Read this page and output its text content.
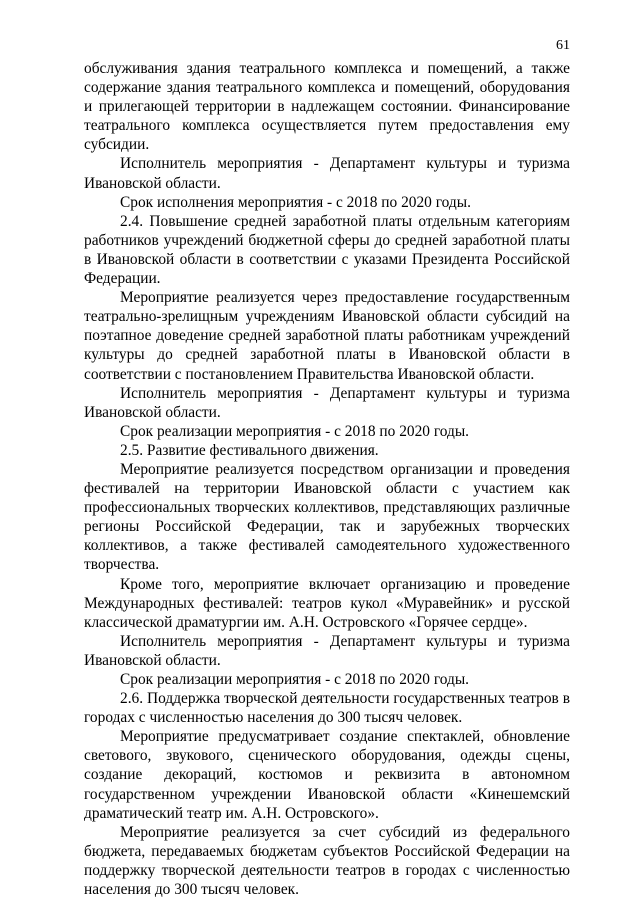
61

обслуживания здания театрального комплекса и помещений, а также содержание здания театрального комплекса и помещений, оборудования и прилегающей территории в надлежащем состоянии. Финансирование театрального комплекса осуществляется путем предоставления ему субсидии.

Исполнитель мероприятия - Департамент культуры и туризма Ивановской области.

Срок исполнения мероприятия - с 2018 по 2020 годы.

2.4. Повышение средней заработной платы отдельным категориям работников учреждений бюджетной сферы до средней заработной платы в Ивановской области в соответствии с указами Президента Российской Федерации.

Мероприятие реализуется через предоставление государственным театрально-зрелищным учреждениям Ивановской области субсидий на поэтапное доведение средней заработной платы работникам учреждений культуры до средней заработной платы в Ивановской области в соответствии с постановлением Правительства Ивановской области.

Исполнитель мероприятия - Департамент культуры и туризма Ивановской области.

Срок реализации мероприятия - с 2018 по 2020 годы.

2.5. Развитие фестивального движения.

Мероприятие реализуется посредством организации и проведения фестивалей на территории Ивановской области с участием как профессиональных творческих коллективов, представляющих различные регионы Российской Федерации, так и зарубежных творческих коллективов, а также фестивалей самодеятельного художественного творчества.

Кроме того, мероприятие включает организацию и проведение Международных фестивалей: театров кукол «Муравейник» и русской классической драматургии им. А.Н. Островского «Горячее сердце».

Исполнитель мероприятия - Департамент культуры и туризма Ивановской области.

Срок реализации мероприятия - с 2018 по 2020 годы.

2.6. Поддержка творческой деятельности государственных театров в городах с численностью населения до 300 тысяч человек.

Мероприятие предусматривает создание спектаклей, обновление светового, звукового, сценического оборудования, одежды сцены, создание декораций, костюмов и реквизита в автономном государственном учреждении Ивановской области «Кинешемский драматический театр им. А.Н. Островского».

Мероприятие реализуется за счет субсидий из федерального бюджета, передаваемых бюджетам субъектов Российской Федерации на поддержку творческой деятельности театров в городах с численностью населения до 300 тысяч человек.
